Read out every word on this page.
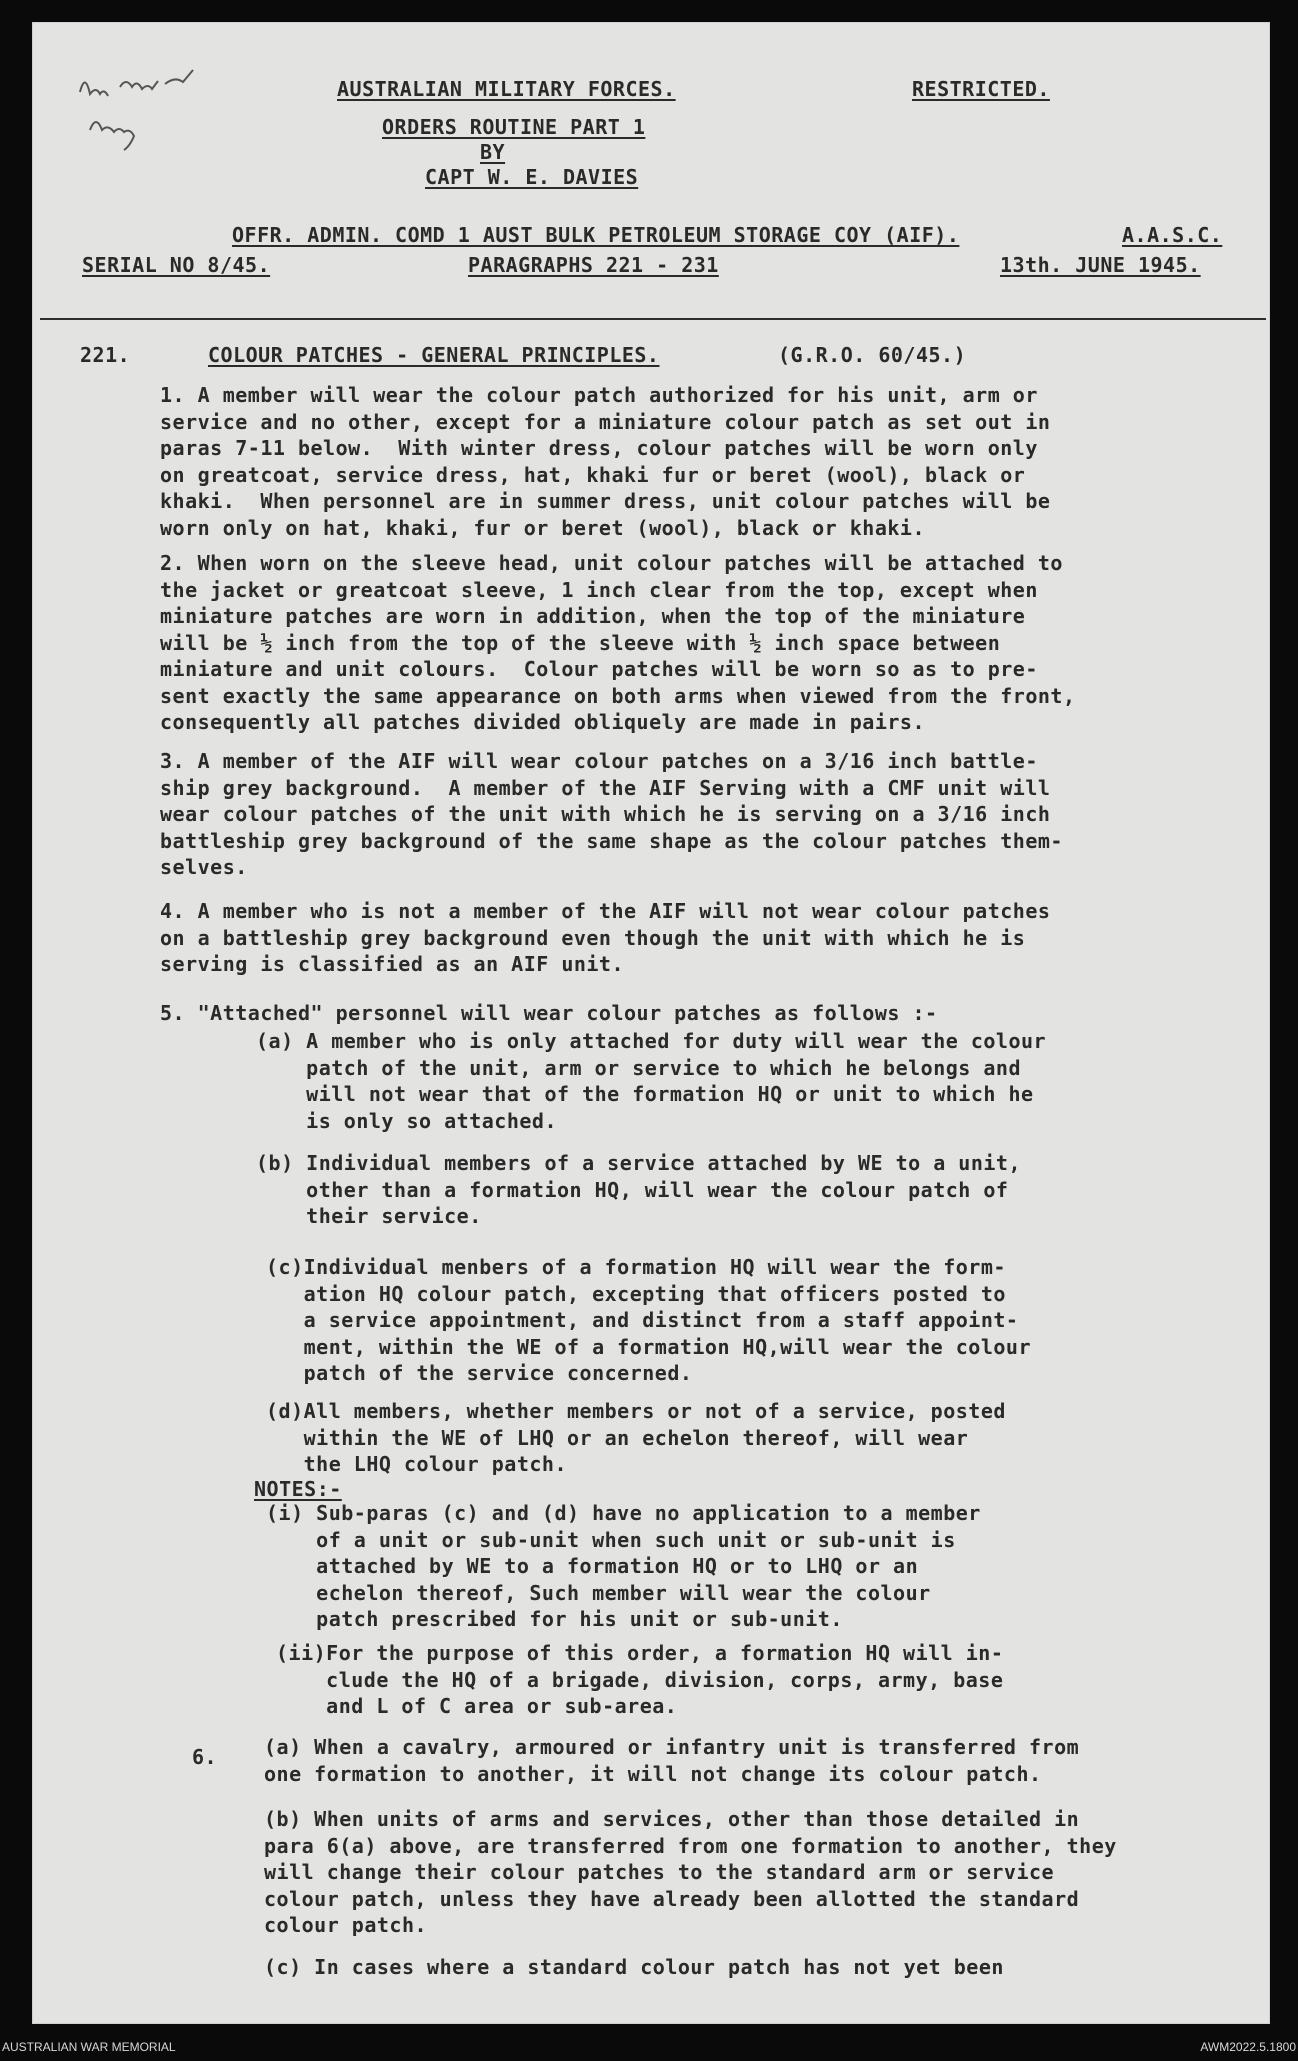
AUSTRALIAN MILITARY FORCES.	RESTRICTED.
ORDERS ROUTINE PART 1
BY
CAPT W. E. DAVIES
OFFR. ADMIN. COMD 1 AUST BULK PETROLEUM STORAGE COY (AIF).	A.A.S.C.
SERIAL NO 8/45.	PARAGRAPHS 221 - 231	13th. JUNE 1945.
221.	COLOUR PATCHES - GENERAL PRINCIPLES.	(G.R.O. 60/45.)
1. A member will wear the colour patch authorized for his unit, arm or
service and no other, except for a miniature colour patch as set out in
paras 7-11 below.  With winter dress, colour patches will be worn only
on greatcoat, service dress, hat, khaki fur or beret (wool), black or
khaki.  When personnel are in summer dress, unit colour patches will be
worn only on hat, khaki, fur or beret (wool), black or khaki.
2. When worn on the sleeve head, unit colour patches will be attached to
the jacket or greatcoat sleeve, 1 inch clear from the top, except when
miniature patches are worn in addition, when the top of the miniature
will be ½ inch from the top of the sleeve with ½ inch space between
miniature and unit colours.  Colour patches will be worn so as to pre-
sent exactly the same appearance on both arms when viewed from the front,
consequently all patches divided obliquely are made in pairs.
3. A member of the AIF will wear colour patches on a 3/16 inch battle-
ship grey background.  A member of the AIF Serving with a CMF unit will
wear colour patches of the unit with which he is serving on a 3/16 inch
battleship grey background of the same shape as the colour patches them-
selves.
4. A member who is not a member of the AIF will not wear colour patches
on a battleship grey background even though the unit with which he is
serving is classified as an AIF unit.
5. "Attached" personnel will wear colour patches as follows :-
(a) A member who is only attached for duty will wear the colour
patch of the unit, arm or service to which he belongs and
will not wear that of the formation HQ or unit to which he
is only so attached.
(b) Individual members of a service attached by WE to a unit,
other than a formation HQ, will wear the colour patch of
their service.
(c)Individual menbers of a formation HQ will wear the form-
ation HQ colour patch, excepting that officers posted to
a service appointment, and distinct from a staff appoint-
ment, within the WE of a formation HQ,will wear the colour
patch of the service concerned.
(d)All members, whether members or not of a service, posted
within the WE of LHQ or an echelon thereof, will wear
the LHQ colour patch.
NOTES:-
(i) Sub-paras (c) and (d) have no application to a member
of a unit or sub-unit when such unit or sub-unit is
attached by WE to a formation HQ or to LHQ or an
echelon thereof, Such member will wear the colour
patch prescribed for his unit or sub-unit.
(ii)For the purpose of this order, a formation HQ will in-
clude the HQ of a brigade, division, corps, army, base
and L of C area or sub-area.
6. (a) When a cavalry, armoured or infantry unit is transferred from
one formation to another, it will not change its colour patch.
(b) When units of arms and services, other than those detailed in
para 6(a) above, are transferred from one formation to another, they
will change their colour patches to the standard arm or service
colour patch, unless they have already been allotted the standard
colour patch.
(c) In cases where a standard colour patch has not yet been
AUSTRALIAN WAR MEMORIAL	AWM2022.5.1800
